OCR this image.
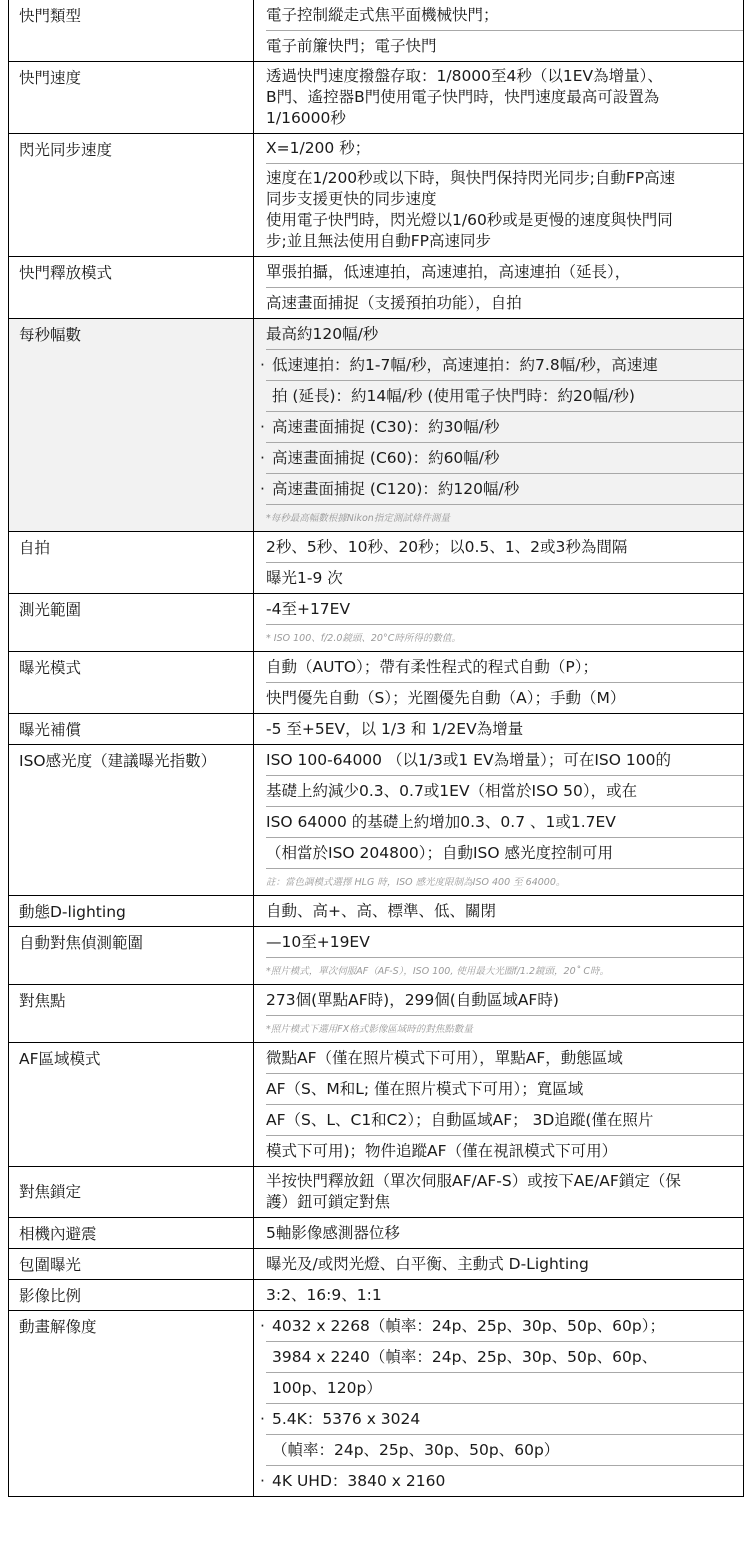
快門類型	電子控制縱走式焦平面機械快門；
電子前簾快門；電子快門
快門速度	透過快門速度撥盤存取：1/8000至4秒（以1EV為增量）、
B門、遙控器B門使用電子快門時，快門速度最高可設置為
1/16000秒
閃光同步速度	X=1/200 秒；
速度在1/200秒或以下時，與快門保持閃光同步;自動FP高速
同步支援更快的同步速度
使用電子快門時，閃光燈以1/60秒或是更慢的速度與快門同
步;並且無法使用自動FP高速同步
快門釋放模式	單張拍攝，低速連拍，高速連拍，高速連拍（延長），
高速畫面捕捉（支援預拍功能），自拍
每秒幅數	最高約120幅/秒
· 低速連拍：約1-7幅/秒，高速連拍：約7.8幅/秒，高速連
拍 (延長)：約14幅/秒 (使用電子快門時：約20幅/秒)
· 高速畫面捕捉 (C30)：約30幅/秒
· 高速畫面捕捉 (C60)：約60幅/秒
· 高速畫面捕捉 (C120)：約120幅/秒
*每秒最高幅數根據Nikon指定測試條件測量
自拍	2秒、5秒、10秒、20秒；以0.5、1、2或3秒為間隔
曝光1-9 次
測光範圍	-4至+17EV
* ISO 100、f/2.0鏡頭、20°C時所得的數值。
曝光模式	自動（AUTO）；帶有柔性程式的程式自動（P）；
快門優先自動（S）；光圈優先自動（A）；手動（M）
曝光補償	-5 至+5EV，以 1/3 和 1/2EV為增量
ISO感光度（建議曝光指數）	ISO 100-64000 （以1/3或1 EV為增量）；可在ISO 100的
基礎上約減少0.3、0.7或1EV（相當於ISO 50），或在
ISO 64000 的基礎上約增加0.3、0.7 、1或1.7EV
（相當於ISO 204800）；自動ISO 感光度控制可用
註：當色調模式選擇 HLG 時，ISO 感光度限制為ISO 400 至 64000。
動態D-lighting	自動、高+、高、標準、低、關閉
自動對焦偵測範圍	—10至+19EV
*照片模式，單次伺服AF（AF-S），ISO 100, 使用最大光圈f/1.2鏡頭，20˚ C時。
對焦點	273個(單點AF時)，299個(自動區域AF時)
*照片模式下選用FX格式影像區域時的對焦點數量
AF區域模式	微點AF（僅在照片模式下可用），單點AF，動態區域
AF（S、M和L; 僅在照片模式下可用）；寬區域
AF（S、L、C1和C2）；自動區域AF； 3D追蹤(僅在照片
模式下可用)；物件追蹤AF（僅在視訊模式下可用）
對焦鎖定
半按快門釋放鈕（單次伺服AF/AF-S）或按下AE/AF鎖定（保
護）鈕可鎖定對焦
相機內避震	5軸影像感測器位移
包圍曝光	曝光及/或閃光燈、白平衡、主動式 D-Lighting
影像比例	3:2、16:9、1:1
動畫解像度
·	4032 x 2268（幀率：24p、25p、30p、50p、60p）；
3984 x 2240（幀率：24p、25p、30p、50p、60p、
100p、120p）
· 5.4K：5376 x 3024
（幀率：24p、25p、30p、50p、60p）
· 4K UHD：3840 x 2160
